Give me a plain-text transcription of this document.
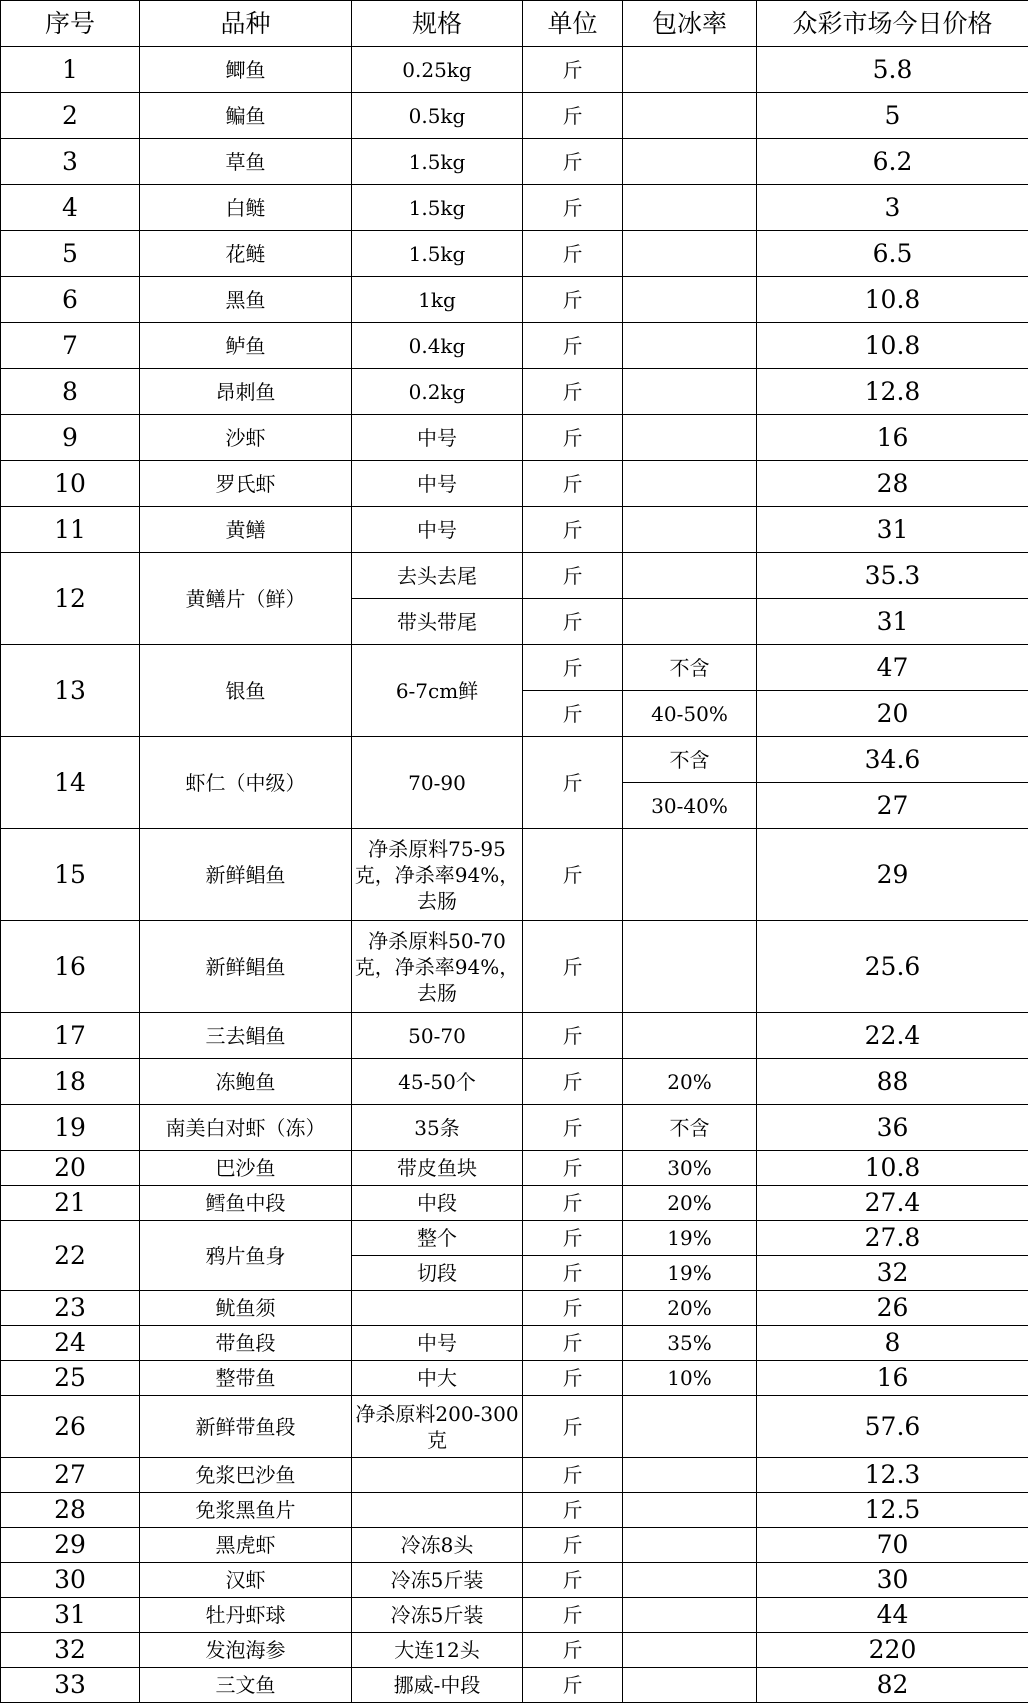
序号	品种	规格	单位	包冰率	众彩市场今日价格
1	鲫鱼	0.25kg	斤		5.8
2	鳊鱼	0.5kg	斤		5
3	草鱼	1.5kg	斤		6.2
4	白鲢	1.5kg	斤		3
5	花鲢	1.5kg	斤		6.5
6	黑鱼	1kg	斤		10.8
7	鲈鱼	0.4kg	斤		10.8
8	昂刺鱼	0.2kg	斤		12.8
9	沙虾	中号	斤		16
10	罗氏虾	中号	斤		28
11	黄鳝	中号	斤		31
12	黄鳝片（鲜）	去头去尾	斤		35.3
		带头带尾	斤		31
13	银鱼	6-7cm鲜	斤	不含	47
			斤	40-50%	20
14	虾仁（中级）	70-90	斤	不含	34.6
				30-40%	27
15	新鲜鲳鱼	净杀原料75-95克，净杀率94%，去肠	斤		29
16	新鲜鲳鱼	净杀原料50-70克，净杀率94%，去肠	斤		25.6
17	三去鲳鱼	50-70	斤		22.4
18	冻鲍鱼	45-50个	斤	20%	88
19	南美白对虾（冻）	35条	斤	不含	36
20	巴沙鱼	带皮鱼块	斤	30%	10.8
21	鳕鱼中段	中段	斤	20%	27.4
22	鸦片鱼身	整个	斤	19%	27.8
		切段	斤	19%	32
23	鱿鱼须		斤	20%	26
24	带鱼段	中号	斤	35%	8
25	整带鱼	中大	斤	10%	16
26	新鲜带鱼段	净杀原料200-300克	斤		57.6
27	免浆巴沙鱼		斤		12.3
28	免浆黑鱼片		斤		12.5
29	黑虎虾	冷冻8头	斤		70
30	汉虾	冷冻5斤装	斤		30
31	牡丹虾球	冷冻5斤装	斤		44
32	发泡海参	大连12头	斤		220
33	三文鱼	挪威-中段	斤		82
